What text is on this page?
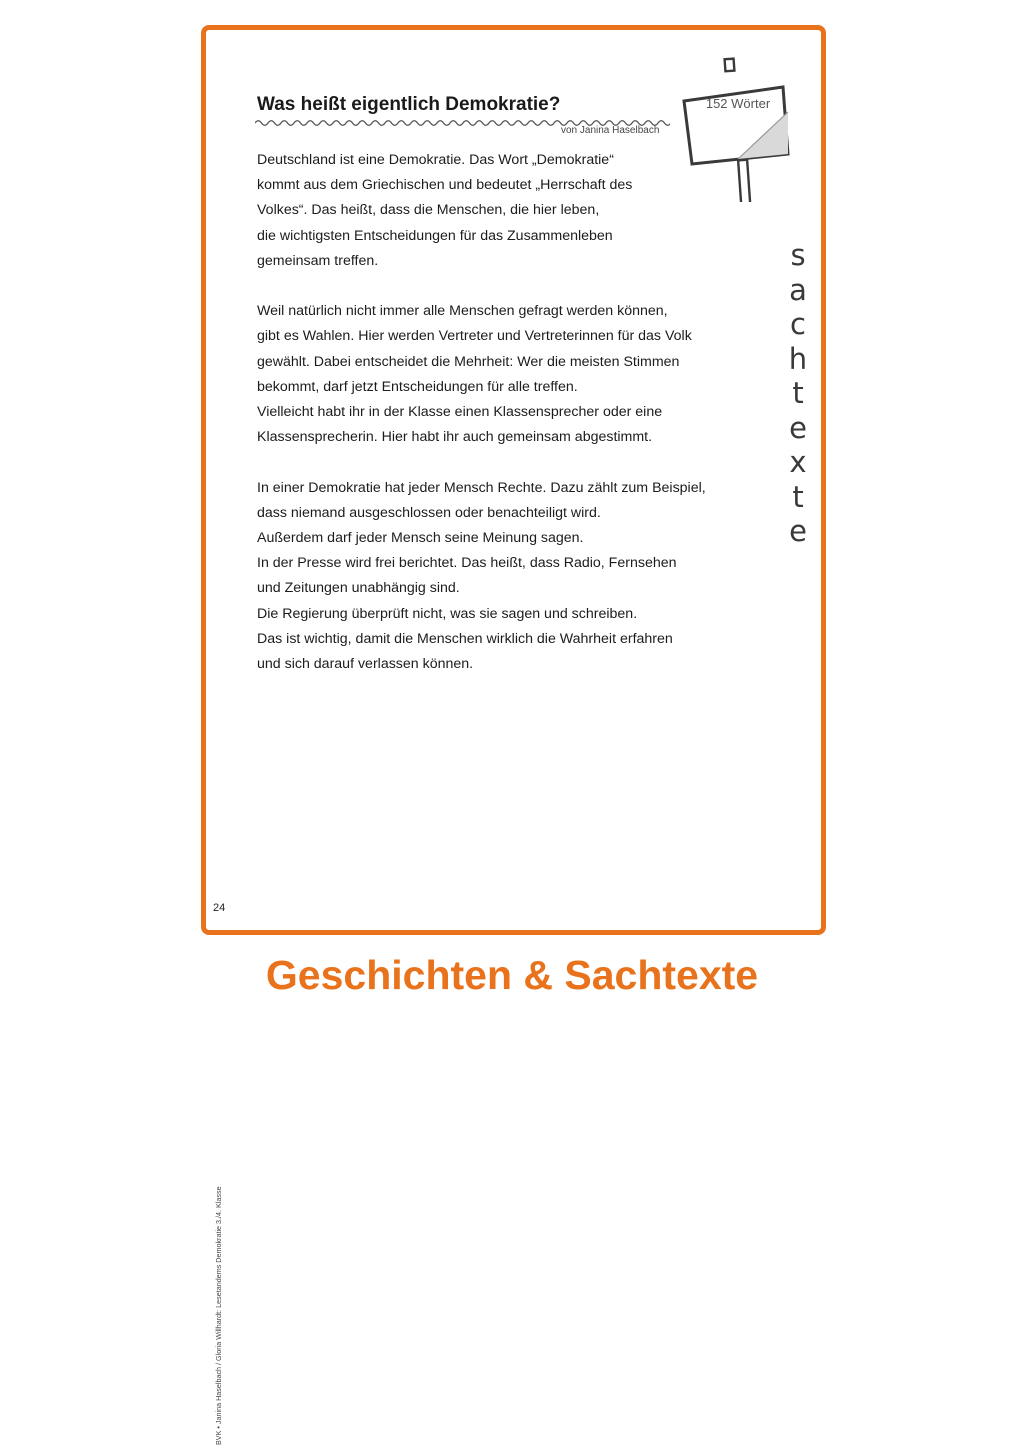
Was heißt eigentlich Demokratie?
von Janina Haselbach

Deutschland ist eine Demokratie. Das Wort „Demokratie“
kommt aus dem Griechischen und bedeutet „Herrschaft des
Volkes“. Das heißt, dass die Menschen, die hier leben,
die wichtigsten Entscheidungen für das Zusammenleben
gemeinsam treffen.

Weil natürlich nicht immer alle Menschen gefragt werden können,
gibt es Wahlen. Hier werden Vertreter und Vertreterinnen für das Volk
gewählt. Dabei entscheidet die Mehrheit: Wer die meisten Stimmen
bekommt, darf jetzt Entscheidungen für alle treffen.
Vielleicht habt ihr in der Klasse einen Klassensprecher oder eine
Klassensprecherin. Hier habt ihr auch gemeinsam abgestimmt.

In einer Demokratie hat jeder Mensch Rechte. Dazu zählt zum Beispiel,
dass niemand ausgeschlossen oder benachteiligt wird.
Außerdem darf jeder Mensch seine Meinung sagen.
In der Presse wird frei berichtet. Das heißt, dass Radio, Fernsehen
und Zeitungen unabhängig sind.
Die Regierung überprüft nicht, was sie sagen und schreiben.
Das ist wichtig, damit die Menschen wirklich die Wahrheit erfahren
und sich darauf verlassen können.

152 Wörter
s
a
c
h
t
e
x
t
e
BVK • Janina Haselbach / Gloria Willhardt: Lesetandems Demokratie 3./4. Klasse
24
Geschichten & Sachtexte
